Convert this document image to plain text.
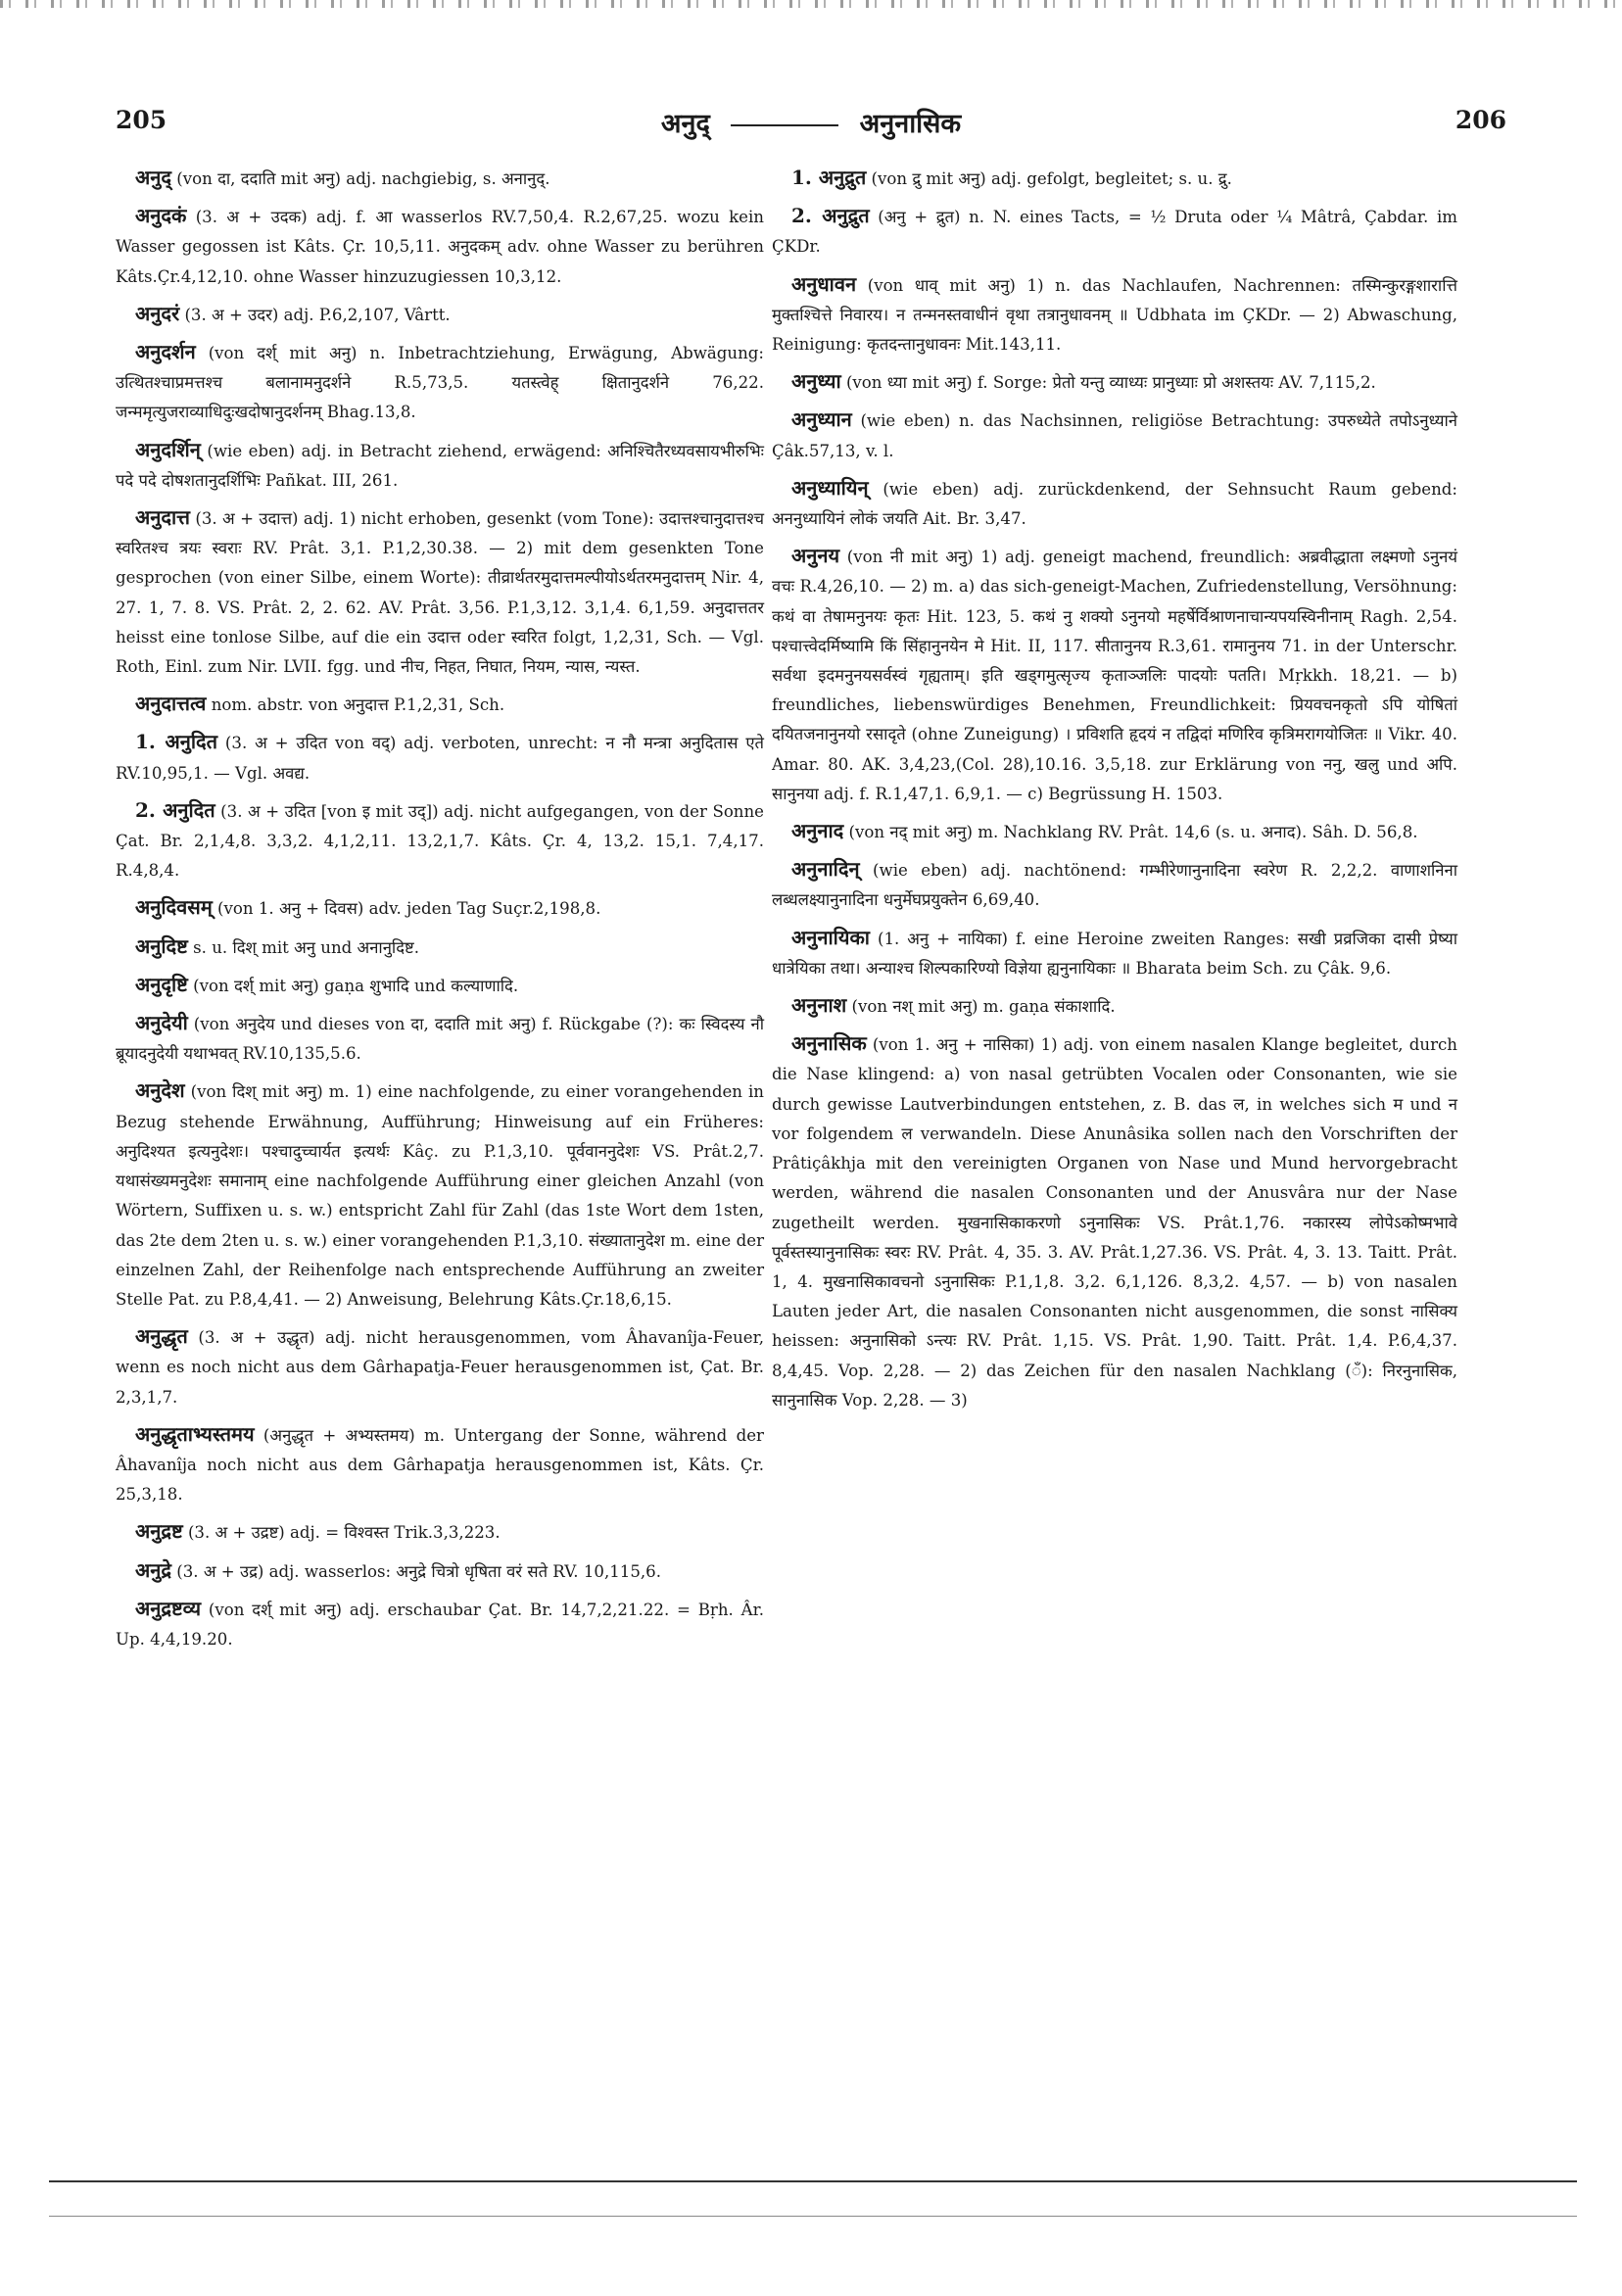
205	अनुद्	अनुनासिक	206

अनुद् (von दा, ददाति mit अनु) adj. nachgiebig, s. अनानुद्.

अनुदकं (3. अ + उदक) adj. f. आ wasserlos RV.7,50,4. R.2,67,25. wozu kein Wasser gegossen ist Kâts. Çr. 10,5,11. अनुदकम् adv. ohne Wasser zu berühren Kâts.Çr.4,12,10. ohne Wasser hinzuzugiessen 10,3,12.

अनुदरं (3. अ + उदर) adj. P.6,2,107, Vârtt.

अनुदर्शन (von दर्श् mit अनु) n. Inbetrachtziehung, Erwägung, Abwägung: उत्थितश्चाप्रमत्तश्च बलानामनुदर्शने R.5,73,5. यतस्त्वेह् क्षितानुदर्शने 76,22. जन्ममृत्युजराव्याधिदुःखदोषानुदर्शनम् Bhag.13,8.

अनुदर्शिन् (wie eben) adj. in Betracht ziehend, erwägend: अनिश्चितैरध्यवसायभीरुभिः पदे पदे दोषशतानुदर्शिभिः Pañkat. III, 261.

अनुदात्त (3. अ + उदात्त) adj. 1) nicht erhoben, gesenkt (vom Tone): उदात्तश्चानुदात्तश्च स्वरितश्च त्रयः स्वराः RV. Prât. 3,1. P.1,2,30.38. — 2) mit dem gesenkten Tone gesprochen (von einer Silbe, einem Worte): तीव्रार्थतरमुदात्तमल्पीयोऽर्थतरमनुदात्तम् Nir. 4, 27. 1, 7. 8. VS. Prât. 2, 2. 62. AV. Prât. 3,56. P.1,3,12. 3,1,4. 6,1,59. अनुदात्ततर heisst eine tonlose Silbe, auf die ein उदात्त oder स्वरित folgt, 1,2,31, Sch. — Vgl. Roth, Einl. zum Nir. LVII. fgg. und नीच, निहत, निघात, नियम, न्यास, न्यस्त.

अनुदात्तत्व nom. abstr. von अनुदात्त P.1,2,31, Sch.

1. अनुदित (3. अ + उदित von वद्) adj. verboten, unrecht: न नौ मन्त्रा अनुदितास एते RV.10,95,1. — Vgl. अवद्य.

2. अनुदित (3. अ + उदित [von इ mit उद्]) adj. nicht aufgegangen, von der Sonne Çat. Br. 2,1,4,8. 3,3,2. 4,1,2,11. 13,2,1,7. Kâts. Çr. 4, 13,2. 15,1. 7,4,17. R.4,8,4.

अनुदिवसम् (von 1. अनु + दिवस) adv. jeden Tag Suçr.2,198,8.

अनुदिष्ट s. u. दिश् mit अनु und अनानुदिष्ट.

अनुदृष्टि (von दर्श् mit अनु) gaṇa शुभादि und कल्याणादि.

अनुदेयी (von अनुदेय und dieses von दा, ददाति mit अनु) f. Rückgabe (?): कः स्विदस्य नौ ब्रूयादनुदेयी यथाभवत् RV.10,135,5.6.

अनुदेश (von दिश् mit अनु) m. 1) eine nachfolgende, zu einer vorangehenden in Bezug stehende Erwähnung, Aufführung; Hinweisung auf ein Früheres: अनुदिश्यत इत्यनुदेशः। पश्चादुच्चार्यत इत्यर्थः Kâç. zu P.1,3,10. पूर्ववाननुदेशः VS. Prât.2,7. यथासंख्यमनुदेशः समानाम् eine nachfolgende Aufführung einer gleichen Anzahl (von Wörtern, Suffixen u. s. w.) entspricht Zahl für Zahl (das 1ste Wort dem 1sten, das 2te dem 2ten u. s. w.) einer vorangehenden P.1,3,10. संख्यातानुदेश m. eine der einzelnen Zahl, der Reihenfolge nach entsprechende Aufführung an zweiter Stelle Pat. zu P.8,4,41. — 2) Anweisung, Belehrung Kâts.Çr.18,6,15.

अनुद्धृत (3. अ + उद्धृत) adj. nicht herausgenommen, vom Âhavanîja-Feuer, wenn es noch nicht aus dem Gârhapatja-Feuer herausgenommen ist, Çat. Br. 2,3,1,7.

अनुद्धृताभ्यस्तमय (अनुद्धृत + अभ्यस्तमय) m. Untergang der Sonne, während der Âhavanîja noch nicht aus dem Gârhapatja herausgenommen ist, Kâts. Çr. 25,3,18.

अनुद्रष्ट (3. अ + उद्रष्ट) adj. = विश्वस्त Trik.3,3,223.

अनुद्रे (3. अ + उद्र) adj. wasserlos: अनुद्रे चित्रो धृषिता वरं सते RV. 10,115,6.

अनुद्रष्टव्य (von दर्श् mit अनु) adj. erschaubar Çat. Br. 14,7,2,21.22. = Bṛh. Âr. Up. 4,4,19.20.

1. अनुद्रुत (von द्रु mit अनु) adj. gefolgt, begleitet; s. u. द्रु.

2. अनुद्रुत (अनु + द्रुत) n. N. eines Tacts, = ½ Druta oder ¼ Mâtrâ, Çabdar. im ÇKDr.

अनुधावन (von धाव् mit अनु) 1) n. das Nachlaufen, Nachrennen: तस्मिन्कुरङ्गशारात्ति मुक्तश्चित्ते निवारय। न तन्मनस्तवाधीनं वृथा तत्रानुधावनम् ॥ Udbhata im ÇKDr. — 2) Abwaschung, Reinigung: कृतदन्तानुधावनः Mit.143,11.

अनुध्या (von ध्या mit अनु) f. Sorge: प्रेतो यन्तु व्याध्यः प्रानुध्याः प्रो अशस्तयः AV. 7,115,2.

अनुध्यान (wie eben) n. das Nachsinnen, religiöse Betrachtung: उपरुध्येते तपोऽनुध्याने Çâk.57,13, v. l.

अनुध्यायिन् (wie eben) adj. zurückdenkend, der Sehnsucht Raum gebend: अननुध्यायिनं लोकं जयति Ait. Br. 3,47.

अनुनय (von नी mit अनु) 1) adj. geneigt machend, freundlich: अब्रवीद्धाता लक्ष्मणो ऽनुनयं वचः R.4,26,10. — 2) m. a) das sich-geneigt-Machen, Zufriedenstellung, Versöhnung: कथं वा तेषामनुनयः कृतः Hit. 123, 5. कथं नु शक्यो ऽनुनयो महर्षेर्विश्राणनाचान्यपयस्विनीनाम् Ragh. 2,54. पश्चात्त्वेदर्मिष्यामि किं सिंहानुनयेन मे Hit. II, 117. सीतानुनय R.3,61. रामानुनय 71. in der Unterschr. सर्वथा इदमनुनयसर्वस्वं गृह्यताम्। इति खड्गमुत्सृज्य कृताञ्जलिः पादयोः पतति। Mṛkkh. 18,21. — b) freundliches, liebenswürdiges Benehmen, Freundlichkeit: प्रियवचनकृतो ऽपि योषितां दयितजनानुनयो रसादृते (ohne Zuneigung) । प्रविशति हृदयं न तद्विदां मणिरिव कृत्रिमरागयोजितः ॥ Vikr. 40. Amar. 80. AK. 3,4,23,(Col. 28),10.16. 3,5,18. zur Erklärung von ननु, खलु und अपि. सानुनया adj. f. R.1,47,1. 6,9,1. — c) Begrüssung H. 1503.

अनुनाद (von नद् mit अनु) m. Nachklang RV. Prât. 14,6 (s. u. अनाद). Sâh. D. 56,8.

अनुनादिन् (wie eben) adj. nachtönend: गम्भीरेणानुनादिना स्वरेण R. 2,2,2. वाणाशनिना लब्धलक्ष्यानुनादिना धनुर्मेघप्रयुक्तेन 6,69,40.

अनुनायिका (1. अनु + नायिका) f. eine Heroine zweiten Ranges: सखी प्रव्रजिका दासी प्रेष्या धात्रेयिका तथा। अन्याश्च शिल्पकारिण्यो विज्ञेया ह्यनुनायिकाः ॥ Bharata beim Sch. zu Çâk. 9,6.

अनुनाश (von नश् mit अनु) m. gaṇa संकाशादि.

अनुनासिक (von 1. अनु + नासिका) 1) adj. von einem nasalen Klange begleitet, durch die Nase klingend: a) von nasal getrübten Vocalen oder Consonanten, wie sie durch gewisse Lautverbindungen entstehen, z. B. das ल, in welches sich म und न vor folgendem ल verwandeln. Diese Anunâsika sollen nach den Vorschriften der Prâtiçâkhja mit den vereinigten Organen von Nase und Mund hervorgebracht werden, während die nasalen Consonanten und der Anusvâra nur der Nase zugetheilt werden. मुखनासिकाकरणो ऽनुनासिकः VS. Prât.1,76. नकारस्य लोपेऽकोष्मभावे पूर्वस्तस्यानुनासिकः स्वरः RV. Prât. 4, 35. 3. AV. Prât.1,27.36. VS. Prât. 4, 3. 13. Taitt. Prât. 1, 4. मुखनासिकावचनो ऽनुनासिकः P.1,1,8. 3,2. 6,1,126. 8,3,2. 4,57. — b) von nasalen Lauten jeder Art, die nasalen Consonanten nicht ausgenommen, die sonst नासिक्य heissen: अनुनासिको ऽन्त्यः RV. Prât. 1,15. VS. Prât. 1,90. Taitt. Prât. 1,4. P.6,4,37. 8,4,45. Vop. 2,28. — 2) das Zeichen für den nasalen Nachklang (ँ): निरनुनासिक, सानुनासिक Vop. 2,28. — 3)
